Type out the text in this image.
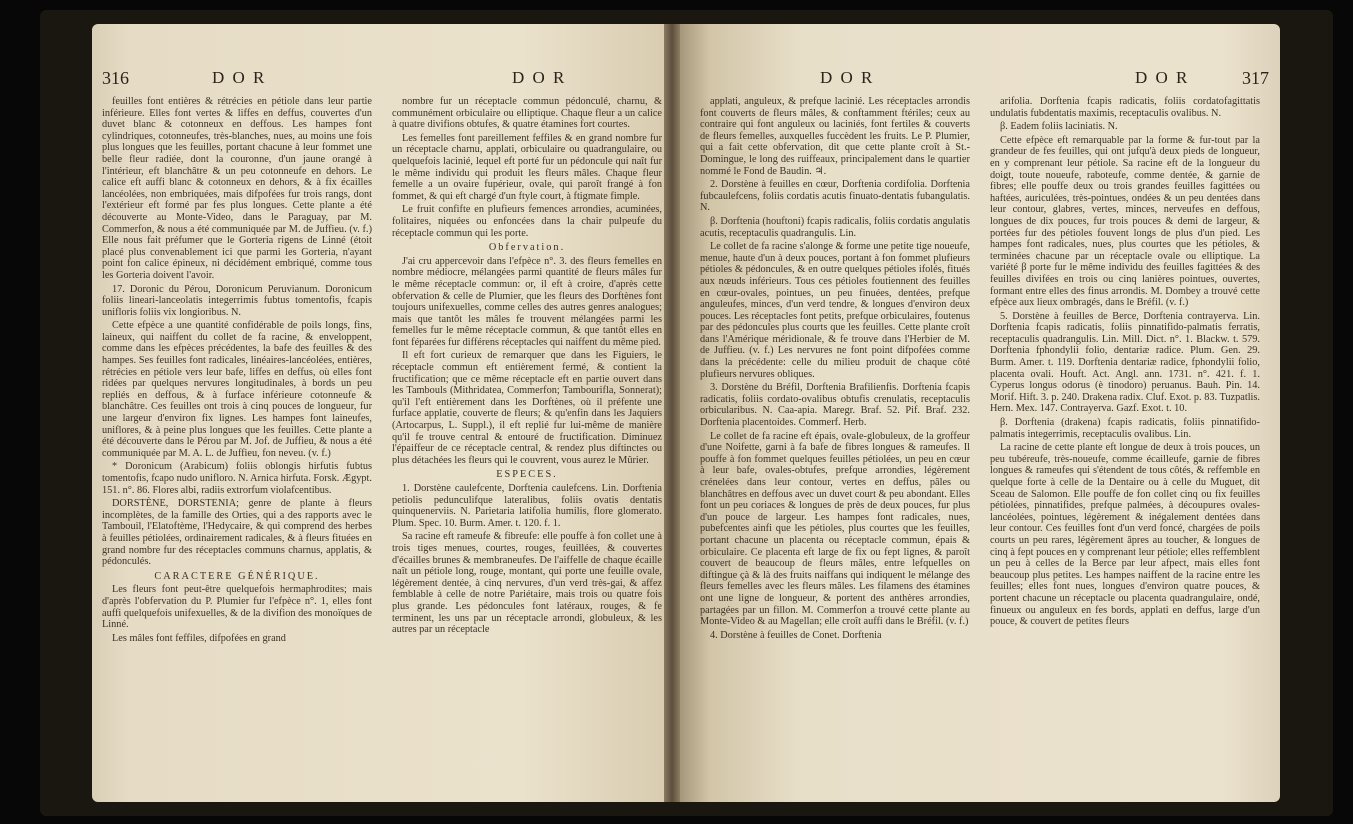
316	D O R	D O R

feuilles font entières & rétrécies en pétiole dans leur partie inférieure. Elles font vertes & liffes en deffus, couvertes d'un duvet blanc & cotonneux en deffous. Les hampes font cylindriques, cotonneufes, très-blanches, nues, au moins une fois plus longues que les feuilles, portant chacune à leur fommet une belle fleur radiée, dont la couronne, d'un jaune orangé à l'intérieur, eft blanchâtre & un peu cotonneufe en dehors. Le calice eft auffi blanc & cotonneux en dehors, & à fix écailles lancéolées, non embriquées, mais difpofées fur trois rangs, dont l'extérieur eft formé par fes plus longues. Cette plante a été découverte au Monte-Video, dans le Paraguay, par M. Commerfon, & nous a été communiquée par M. de Juffieu. (v. f.) Elle nous fait préfumer que le Gorteria rigens de Linné (étoit placé plus convenablement ici que parmi les Gorteria, n'ayant point fon calice épineux, ni décidément embriqué, comme tous les Gorteria doivent l'avoir.

17. Doronic du Pérou, Doronicum Peruvianum. Doronicum foliis lineari-lanceolatis integerrimis fubtus tomentofis, fcapis unifloris foliis vix longioribus. N.

Cette efpèce a une quantité confidérable de poils longs, fins, laineux, qui naiffent du collet de fa racine, & enveloppent, comme dans les efpèces précédentes, la bafe des feuilles & des hampes. Ses feuilles font radicales, linéaires-lancéolées, entières, rétrécies en pétiole vers leur bafe, liffes en deffus, où elles font ridées par quelques nervures longitudinales, à bords un peu repliés en deffous, & à furface inférieure cotonneufe & blanchâtre. Ces feuilles ont trois à cinq pouces de longueur, fur une largeur d'environ fix lignes. Les hampes font laineufes, uniflores, & à peine plus longues que les feuilles. Cette plante a été découverte dans le Pérou par M. Jof. de Juffieu, & nous a été communiquée par M. A. L. de Juffieu, fon neveu. (v. f.)

* Doronicum (Arabicum) foliis oblongis hirfutis fubtus tomentofis, fcapo nudo unifloro. N. Arnica hirfuta. Forsk. Ægypt. 151. n°. 86. Flores albi, radiis extrorfum violafcentibus.

DORSTÈNE, DORSTENIA; genre de plante à fleurs incomplètes, de la famille des Orties, qui a des rapports avec le Tambouil, l'Elatoftème, l'Hedycaire, & qui comprend des herbes à feuilles pétiolées, ordinairement radicales, & à fleurs fituées en grand nombre fur des réceptacles communs charnus, applatis, & pédonculés.

CARACTERE GÉNÉRIQUE.

Les fleurs font peut-être quelquefois hermaphrodites; mais d'après l'obfervation du P. Plumier fur l'efpèce n°. 1, elles font auffi quelquefois unifexuelles, & de la divifion des monoïques de Linné.

Les mâles font feffiles, difpofées en grand

nombre fur un réceptacle commun pédonculé, charnu, & communément orbiculaire ou elliptique. Chaque fleur a un calice à quatre divifions obtufes, & quatre étamines fort courtes.

Les femelles font pareillement feffiles & en grand nombre fur un réceptacle charnu, applati, orbiculaire ou quadrangulaire, ou quelquefois lacinié, lequel eft porté fur un pédoncule qui naît fur le même individu qui produit les fleurs mâles. Chaque fleur femelle a un ovaire fupérieur, ovale, qui paroît frangé à fon fommet, & qui eft chargé d'un ftyle court, à ftigmate fimple.

Le fruit confifte en plufieurs femences arrondies, acuminées, folitaires, niquées ou enfoncées dans la chair pulpeufe du réceptacle commun qui les porte.

Obfervation.

J'ai cru appercevoir dans l'efpèce n°. 3. des fleurs femelles en nombre médiocre, mélangées parmi quantité de fleurs mâles fur le même réceptacle commun: or, il eft à croire, d'après cette obfervation & celle de Plumier, que les fleurs des Dorftènes font toujours unifexuelles, comme celles des autres genres analogues; mais que tantôt les mâles fe trouvent mélangées parmi les femelles fur le même réceptacle commun, & que tantôt elles en font féparées fur différens réceptacles qui naiffent du même pied.

Il eft fort curieux de remarquer que dans les Figuiers, le réceptacle commun eft entièrement fermé, & contient la fructification; que ce même réceptacle eft en partie ouvert dans les Tambouls (Mithridatea, Commerfon; Tambourifla, Sonnerat); qu'il l'eft entièrement dans les Dorftènes, où il préfente une furface applatie, couverte de fleurs; & qu'enfin dans les Jaquiers (Artocarpus, L. Suppl.), il eft replié fur lui-même de manière qu'il fe trouve central & entouré de fructification. Diminuez l'épaiffeur de ce réceptacle central, & rendez plus diftinctes ou plus détachées les fleurs qui le couvrent, vous aurez le Mûrier.

ESPECES.

1. Dorstène caulefcente, Dorftenia caulefcens. Lin. Dorftenia petiolis pedunculifque lateralibus, foliis ovatis dentatis quinquenerviis. N. Parietaria latifolia humilis, flore glomerato. Plum. Spec. 10. Burm. Amer. t. 120. f. 1.

Sa racine eft rameufe & fibreufe: elle pouffe à fon collet une à trois tiges menues, courtes, rouges, feuillées, & couvertes d'écailles brunes & membraneufes. De l'aiffelle de chaque écaille naît un pétiole long, rouge, montant, qui porte une feuille ovale, légèrement dentée, à cinq nervures, d'un verd très-gai, & affez femblable à celle de notre Pariétaire, mais trois ou quatre fois plus grande. Les pédoncules font latéraux, rouges, & fe terminent, les uns par un réceptacle arrondi, globuleux, & les autres par un réceptacle

D O R	D O R	317

applati, anguleux, & prefque lacinié. Les réceptacles arrondis font couverts de fleurs mâles, & conftamment ftériles; ceux au contraire qui font anguleux ou laciniés, font fertiles & couverts de fleurs femelles, auxquelles fuccèdent les fruits. Le P. Plumier, qui a fait cette obfervation, dit que cette plante croît à St.-Domingue, le long des ruiffeaux, principalement dans le quartier nommé le Fond de Baudin. ♃.

2. Dorstène à feuilles en cœur, Dorftenia cordifolia. Dorftenia fubcaulefcens, foliis cordatis acutis finuato-dentatis fubangulatis. N.

β. Dorftenia (houftoni) fcapis radicalis, foliis cordatis angulatis acutis, receptaculis quadrangulis. Lin.

Le collet de fa racine s'alonge & forme une petite tige noueufe, menue, haute d'un à deux pouces, portant à fon fommet plufieurs pétioles & pédoncules, & en outre quelques pétioles ifolés, fitués aux nœuds inférieurs. Tous ces pétioles foutiennent des feuilles en cœur-ovales, pointues, un peu finuées, dentées, prefque anguleufes, minces, d'un verd tendre, & longues d'environ deux pouces. Les réceptacles font petits, prefque orbiculaires, foutenus par des pédoncules plus courts que les feuilles. Cette plante croît dans l'Amérique méridionale, & fe trouve dans l'Herbier de M. de Juffieu. (v. f.) Les nervures ne font point difpofées comme dans la précédente: celle du milieu produit de chaque côté plufieurs nervures obliques.

3. Dorstène du Bréfil, Dorftenia Brafilienfis. Dorftenia fcapis radicatis, foliis cordato-ovalibus obtufis crenulatis, receptaculis orbicularibus. N. Caa-apia. Maregr. Braf. 52. Pif. Braf. 232. Dorftenia placentoides. Commerf. Herb.

Le collet de fa racine eft épais, ovale-globuleux, de la groffeur d'une Noifette, garni à fa bafe de fibres longues & rameufes. Il pouffe à fon fommet quelques feuilles pétiolées, un peu en cœur à leur bafe, ovales-obtufes, prefque arrondies, légèrement crénelées dans leur contour, vertes en deffus, pâles ou blanchâtres en deffous avec un duvet court & peu abondant. Elles font un peu coriaces & longues de près de deux pouces, fur plus d'un pouce de largeur. Les hampes font radicales, nues, pubefcentes ainfi que les pétioles, plus courtes que les feuilles, portant chacune un placenta ou réceptacle commun, épais & orbiculaire. Ce placenta eft large de fix ou fept lignes, & paroît couvert de beaucoup de fleurs mâles, entre lefquelles on diftingue çà & là des fruits naiffans qui indiquent le mélange des fleurs femelles avec les fleurs mâles. Les filamens des étamines ont une ligne de longueur, & portent des anthères arrondies, partagées par un fillon. M. Commerfon a trouvé cette plante au Monte-Video & au Magellan; elle croît auffi dans le Bréfil. (v. f.)

4. Dorstène à feuilles de Conet. Dorftenia

arifolia. Dorftenia fcapis radicatis, foliis cordatofagittatis undulatis fubdentatis maximis, receptaculis ovalibus. N.

β. Eadem foliis laciniatis. N.

Cette efpèce eft remarquable par la forme & fur-tout par la grandeur de fes feuilles, qui ont jufqu'à deux pieds de longueur, en y comprenant leur pétiole. Sa racine eft de la longueur du doigt, toute noueufe, raboteufe, comme dentée, & garnie de fibres; elle pouffe deux ou trois grandes feuilles fagittées ou haftées, auriculées, très-pointues, ondées & un peu dentées dans leur contour, glabres, vertes, minces, nerveufes en deffous, longues de dix pouces, fur trois pouces & demi de largeur, & portées fur des pétioles fouvent longs de plus d'un pied. Les hampes font radicales, nues, plus courtes que les pétioles, & terminées chacune par un réceptacle ovale ou elliptique. La variété β porte fur le même individu des feuilles fagittées & des feuilles divifées en trois ou cinq lanières pointues, ouvertes, formant entre elles des finus arrondis. M. Dombey a trouvé cette efpèce aux lieux ombragés, dans le Bréfil. (v. f.)

5. Dorstène à feuilles de Berce, Dorftenia contrayerva. Lin. Dorftenia fcapis radicatis, foliis pinnatifido-palmatis ferratis, receptaculis quadrangulis. Lin. Mill. Dict. n°. 1. Blackw. t. 579. Dorftenia fphondylii folio, dentariæ radice. Plum. Gen. 29. Burm. Amer. t. 119. Dorftenia dentariæ radice, fphondylii folio, placenta ovali. Houft. Act. Angl. ann. 1731. n°. 421. f. 1. Cyperus longus odorus (è tinodoro) peruanus. Bauh. Pin. 14. Morif. Hift. 3. p. 240. Drakena radix. Cluf. Exot. p. 83. Tuzpatlis. Hern. Mex. 147. Contrayerva. Gazf. Exot. t. 10.

β. Dorftenia (drakena) fcapis radicatis, foliis pinnatifido-palmatis integerrimis, receptaculis ovalibus. Lin.

La racine de cette plante eft longue de deux à trois pouces, un peu tubéreufe, très-noueufe, comme écailleufe, garnie de fibres longues & rameufes qui s'étendent de tous côtés, & reffemble en quelque forte à celle de la Dentaire ou à celle du Muguet, dit Sceau de Salomon. Elle pouffe de fon collet cinq ou fix feuilles pétiolées, pinnatifides, prefque palmées, à découpures ovales-lancéolées, pointues, légèrement & inégalement dentées dans leur contour. Ces feuilles font d'un verd foncé, chargées de poils courts un peu rares, légèrement âpres au toucher, & longues de cinq à fept pouces en y comprenant leur pétiole; elles reffemblent un peu à celles de la Berce par leur afpect, mais elles font beaucoup plus petites. Les hampes naiffent de la racine entre les feuilles; elles font nues, longues d'environ quatre pouces, & portent chacune un réceptacle ou placenta quadrangulaire, ondé, finueux ou anguleux en fes bords, applati en deffus, large d'un pouce, & couvert de petites fleurs
